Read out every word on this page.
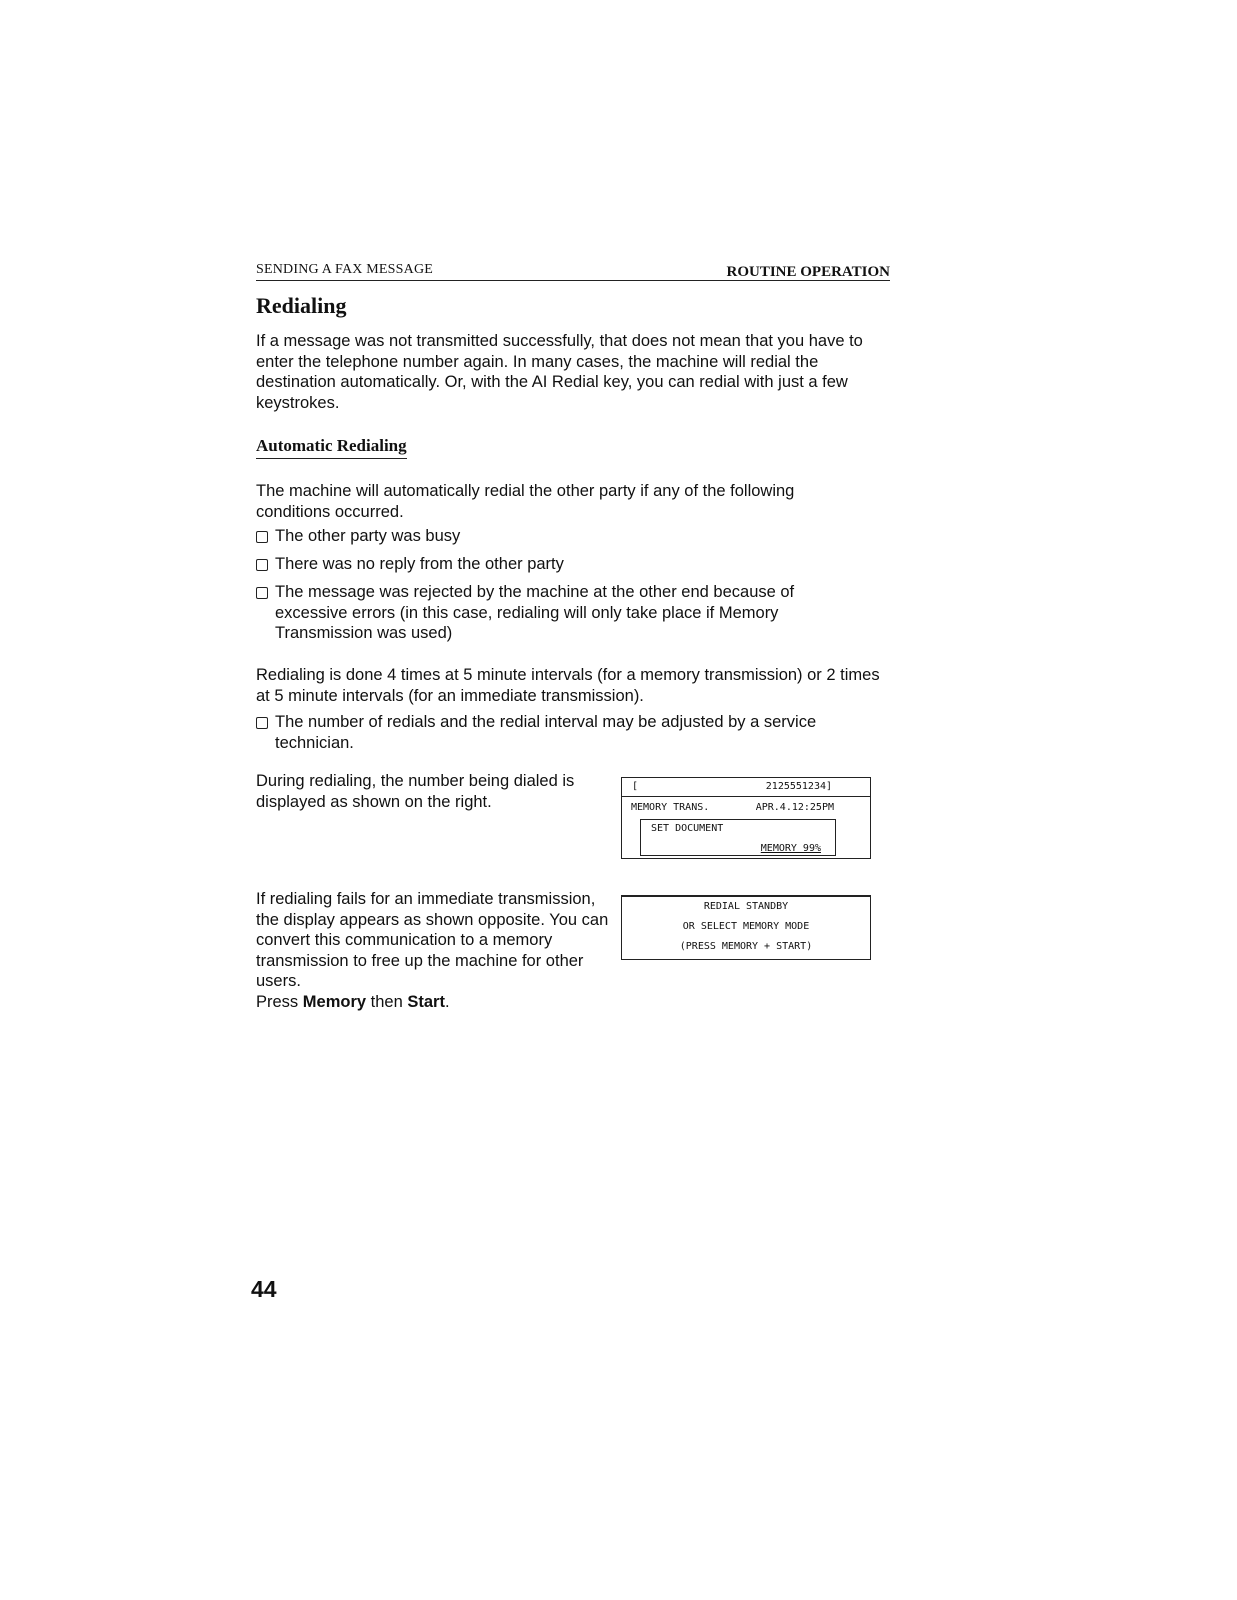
SENDING A FAX MESSAGE	ROUTINE OPERATION
Redialing

If a message was not transmitted successfully, that does not mean that you have to enter the telephone number again. In many cases, the machine will redial the destination automatically. Or, with the AI Redial key, you can redial with just a few keystrokes.

Automatic Redialing

The machine will automatically redial the other party if any of the following conditions occurred.

The other party was busy
There was no reply from the other party
The message was rejected by the machine at the other end because of excessive errors (in this case, redialing will only take place if Memory Transmission was used)

Redialing is done 4 times at 5 minute intervals (for a memory transmission) or 2 times at 5 minute intervals (for an immediate transmission).

The number of redials and the redial interval may be adjusted by a service technician.

During redialing, the number being dialed is displayed as shown on the right.

[	2125551234 ]
MEMORY TRANS.	APR.4.12:25PM
SET DOCUMENT
MEMORY 99%

If redialing fails for an immediate transmission, the display appears as shown opposite. You can convert this communication to a memory transmission to free up the machine for other users.
Press Memory then Start.

REDIAL STANDBY
OR SELECT MEMORY MODE
(PRESS MEMORY + START)
44
